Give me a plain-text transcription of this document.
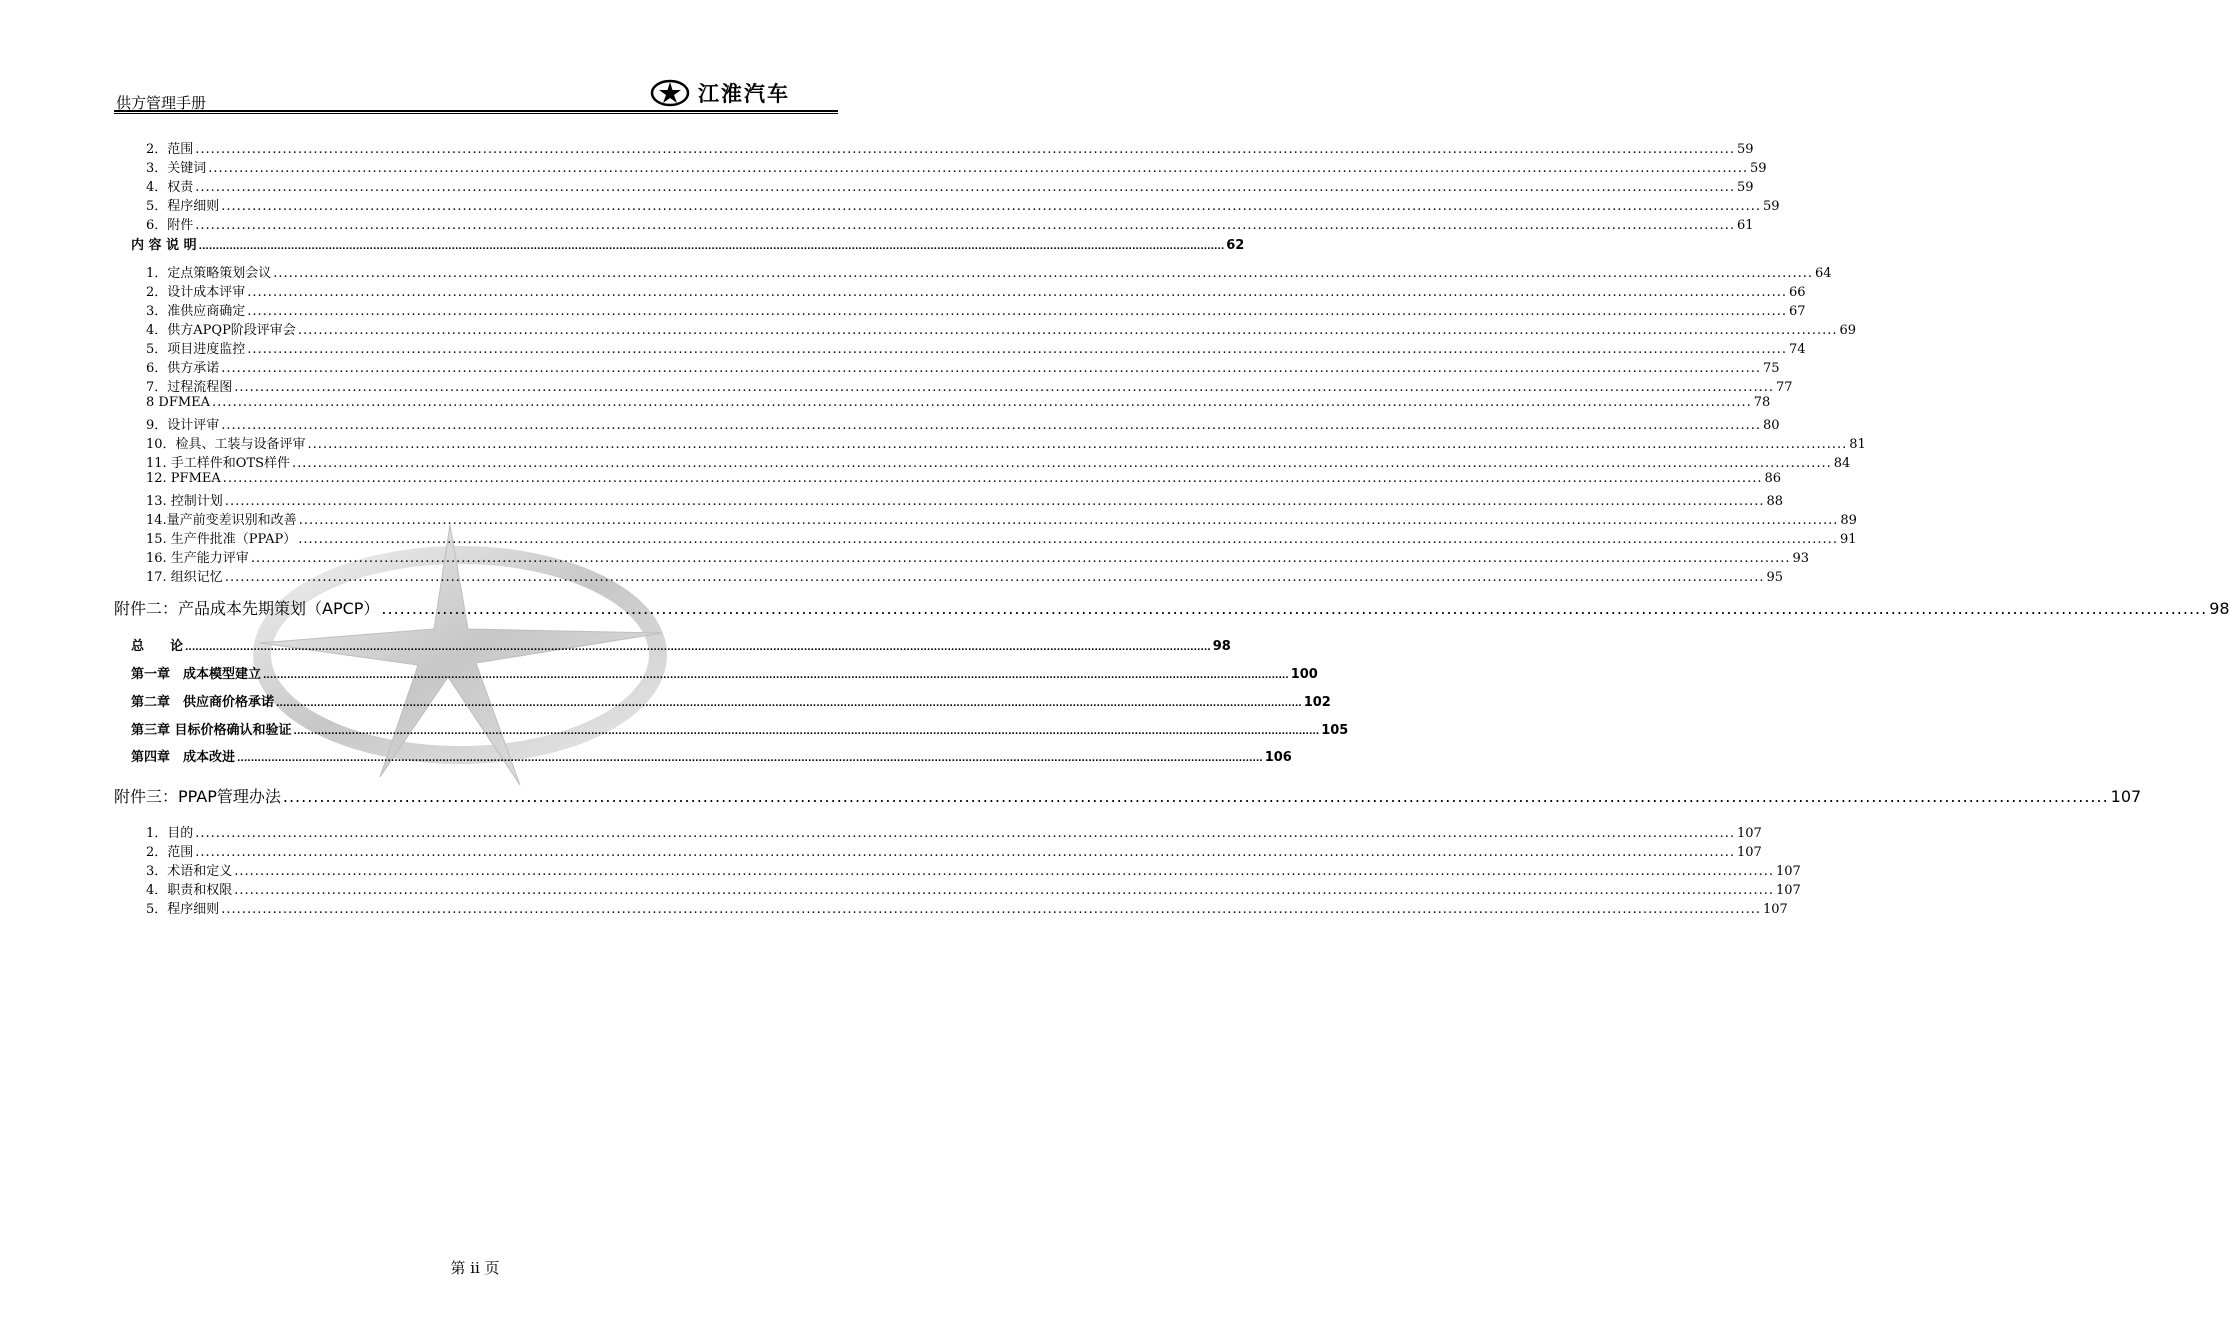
供方管理手册	江淮汽车
2．范围 ............................................................................................................................................................................................................................................................................................................ 59
3．关键词 ............................................................................................................................................................................................................................................................................................................ 59
4．权责 ............................................................................................................................................................................................................................................................................................................ 59
5．程序细则 ............................................................................................................................................................................................................................................................................................................ 59
6．附件 ............................................................................................................................................................................................................................................................................................................ 61
内 容 说 明 ............................................................................................................................................................................................................................................................................................................ 62
1．定点策略策划会议 ............................................................................................................................................................................................................................................................................................................ 64
2．设计成本评审 ............................................................................................................................................................................................................................................................................................................ 66
3．准供应商确定 ............................................................................................................................................................................................................................................................................................................ 67
4．供方APQP阶段评审会 ............................................................................................................................................................................................................................................................................................................ 69
5．项目进度监控 ............................................................................................................................................................................................................................................................................................................ 74
6．供方承诺 ............................................................................................................................................................................................................................................................................................................ 75
7．过程流程图 ............................................................................................................................................................................................................................................................................................................ 77
8 DFMEA ............................................................................................................................................................................................................................................................................................................ 78
9．设计评审 ............................................................................................................................................................................................................................................................................................................ 80
10．检具、工装与设备评审 ............................................................................................................................................................................................................................................................................................................ 81
11. 手工样件和OTS样件 ............................................................................................................................................................................................................................................................................................................ 84
12. PFMEA ............................................................................................................................................................................................................................................................................................................ 86
13. 控制计划 ............................................................................................................................................................................................................................................................................................................ 88
14.量产前变差识别和改善 ............................................................................................................................................................................................................................................................................................................ 89
15. 生产件批准（PPAP） ............................................................................................................................................................................................................................................................................................................ 91
16. 生产能力评审 ............................................................................................................................................................................................................................................................................................................ 93
17. 组织记忆 ............................................................................................................................................................................................................................................................................................................ 95
附件二：产品成本先期策划（APCP） ............................................................................................................................................................................................................................................................................................................ 98
总　　论 ............................................................................................................................................................................................................................................................................................................ 98
第一章　成本模型建立 ............................................................................................................................................................................................................................................................................................................ 100
第二章　供应商价格承诺 ............................................................................................................................................................................................................................................................................................................ 102
第三章 目标价格确认和验证 ............................................................................................................................................................................................................................................................................................................ 105
第四章　成本改进 ............................................................................................................................................................................................................................................................................................................ 106
附件三：PPAP管理办法 ............................................................................................................................................................................................................................................................................................................ 107
1．目的 ............................................................................................................................................................................................................................................................................................................ 107
2．范围 ............................................................................................................................................................................................................................................................................................................ 107
3．术语和定义 ............................................................................................................................................................................................................................................................................................................ 107
4．职责和权限 ............................................................................................................................................................................................................................................................................................................ 107
5．程序细则 ............................................................................................................................................................................................................................................................................................................ 107
第 ii 页
